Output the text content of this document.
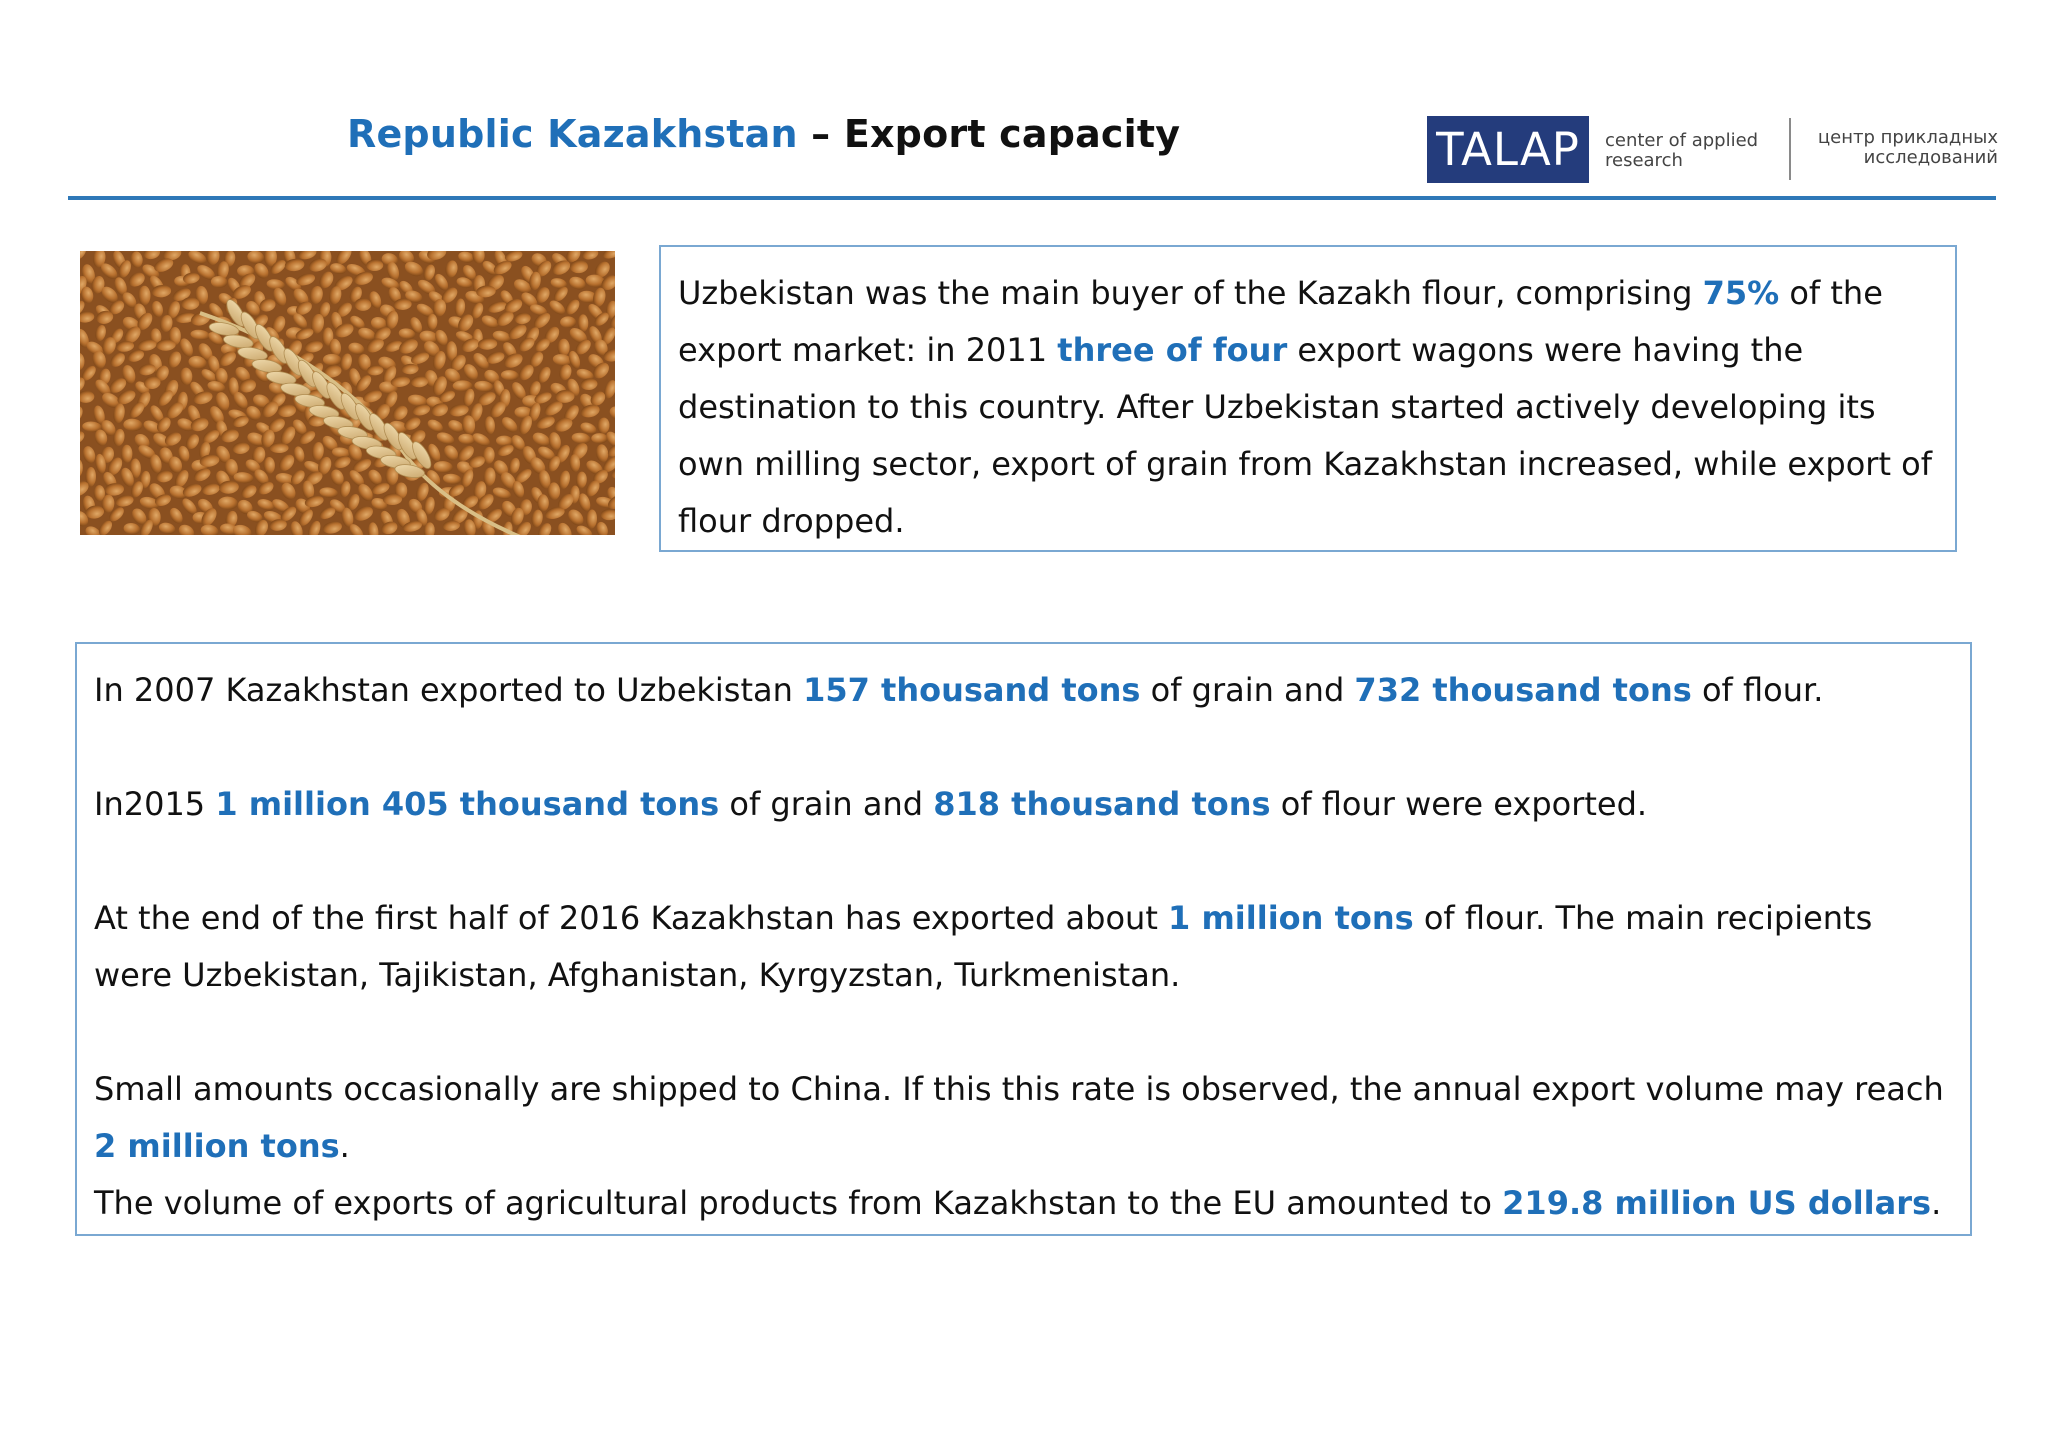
Republic Kazakhstan – Export capacity	TALAP	center of applied
research
центр прикладных
исследований

Uzbekistan was the main buyer of the Kazakh flour, comprising 75% of the export market: in 2011 three of four export wagons were having the destination to this country. After Uzbekistan started actively developing its own milling sector, export of grain from Kazakhstan increased, while export of flour dropped.

In 2007 Kazakhstan exported to Uzbekistan 157 thousand tons of grain and 732 thousand tons of flour.

In2015 1 million 405 thousand tons of grain and 818 thousand tons of flour were exported.

At the end of the first half of 2016 Kazakhstan has exported about 1 million tons of flour. The main recipients were Uzbekistan, Tajikistan, Afghanistan, Kyrgyzstan, Turkmenistan.

Small amounts occasionally are shipped to China. If this this rate is observed, the annual export volume may reach 2 million tons.

The volume of exports of agricultural products from Kazakhstan to the EU amounted to 219.8 million US dollars.
